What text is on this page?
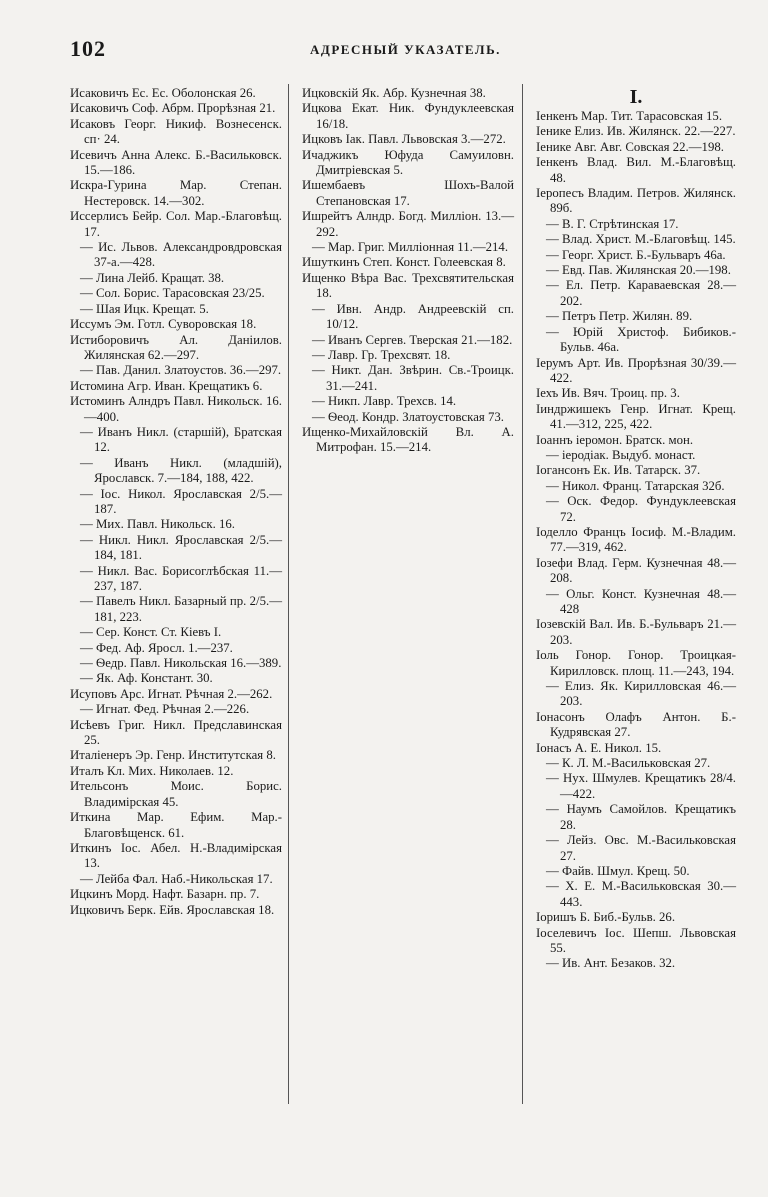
102	АДРЕСНЫЙ УКАЗАТЕЛЬ.

Исаковичъ Ес. Ес. Оболонская 26.

Исаковичъ Соф. Абрм. Прорѣзная 21.

Исаковъ Георг. Никиф. Вознесенск. сп· 24.

Исевичъ Анна Алекс. Б.-Васильковск. 15.—186.

Искра-Гурина Мар. Степан. Нестеровск. 14.—302.

Иссерлисъ Бейр. Сол. Мар.-Благовѣщ. 17.

— Ис. Львов. Александровдровская 37-а.—428.

— Лина Лейб. Кращат. 38.

— Сол. Борис. Тарасовская 23/25.

— Шая Ицк. Крещат. 5.

Иссумъ Эм. Готл. Суворовская 18.

Истиборовичъ Ал. Даніилов. Жилянская 62.—297.

— Пав. Данил. Златоустов. 36.—297.

Истомина Агр. Иван. Крещатикъ 6.

Истоминъ Алндръ Павл. Никольск. 16.—400.

— Иванъ Никл. (старшій), Братская 12.

— Иванъ Никл. (младшій), Ярославск. 7.—184, 188, 422.

— Іос. Никол. Ярославская 2/5.—187.

— Мих. Павл. Никольск. 16.

— Никл. Никл. Ярославская 2/5.—184, 181.

— Никл. Вас. Борисоглѣбская 11.—237, 187.

— Павелъ Никл. Базарный пр. 2/5.—181, 223.

— Сер. Конст. Ст. Кіевъ I.

— Фед. Аф. Яросл. 1.—237.

— Ѳедр. Павл. Никольская 16.—389.

— Як. Аф. Констант. 30.

Исуповъ Арс. Игнат. Рѣчная 2.—262.

— Игнат. Фед. Рѣчная 2.—226.

Исѣевъ Григ. Никл. Предславинская 25.

Италіенеръ Эр. Генр. Институтская 8.

Италъ Кл. Мих. Николаев. 12.

Ительсонъ Моис. Борис. Владимірская 45.

Иткина Мар. Ефим. Мар.-Благовѣщенск. 61.

Иткинъ Іос. Абел. Н.-Владимірская 13.

— Лейба Фал. Наб.-Никольская 17.

Ицкинъ Морд. Нафт. Базарн. пр. 7.

Ицковичъ Берк. Ейв. Ярославская 18.

Ицковскій Як. Абр. Кузнечная 38.

Ицкова Екат. Ник. Фундуклеевская 16/18.

Ицковъ Іак. Павл. Львовская 3.—272.

Ичаджикъ Юфуда Самуиловн. Дмитріевская 5.

Ишембаевъ Шохъ-Валой Степановская 17.

Ишрейтъ Алндр. Богд. Милліон. 13.—292.

— Мар. Григ. Милліонная 11.—214.

Ишуткинъ Степ. Конст. Голеевская 8.

Ищенко Вѣра Вас. Трехсвятительская 18.

— Ивн. Андр. Андреевскій сп. 10/12.

— Иванъ Сергев. Тверская 21.—182.

— Лавр. Гр. Трехсвят. 18.

— Никт. Дан. Звѣрин. Св.-Троицк. 31.—241.

— Никп. Лавр. Трехсв. 14.

— Ѳеод. Кондр. Златоустовская 73.

Ищенко-Михайловскій Вл. А. Митрофан. 15.—214.

I.

Іенкенъ Мар. Тит. Тарасовская 15.

Іенике Елиз. Ив. Жилянск. 22.—227.

Іенике Авг. Авг. Совская 22.—198.

Іенкенъ Влад. Вил. М.-Благовѣщ. 48.

Іеропесъ Владим. Петров. Жилянск. 89б.

— В. Г. Стрѣтинская 17.

— Влад. Христ. М.-Благовѣщ. 145.

— Георг. Христ. Б.-Бульваръ 46а.

— Евд. Пав. Жилянская 20.—198.

— Ел. Петр. Караваевская 28.—202.

— Петръ Петр. Жилян. 89.

— Юрій Христоф. Бибиков.-Бульв. 46а.

Іерумъ Арт. Ив. Прорѣзная 30/39.—422.

Іехъ Ив. Вяч. Троиц. пр. 3.

Іиндржишекъ Генр. Игнат. Крещ. 41.—312, 225, 422.

Іоаннъ іеромон. Братск. мон.

— іеродіак. Выдуб. монаст.

Іогансонъ Ек. Ив. Татарск. 37.

— Никол. Франц. Татарская 32б.

— Оск. Федор. Фундуклеевская 72.

Іоделло Францъ Іосиф. М.-Владим. 77.—319, 462.

Іозефи Влад. Герм. Кузнечная 48.—208.

— Ольг. Конст. Кузнечная 48.—428

Іозевскій Вал. Ив. Б.-Бульваръ 21.—203.

Іоль Гонор. Гонор. Троицкая-Кирилловск. площ. 11.—243, 194.

— Елиз. Як. Кирилловская 46.—203.

Іонасонъ Олафъ Антон. Б.-Кудрявская 27.

Іонасъ А. Е. Никол. 15.

— К. Л. М.-Васильковская 27.

— Нух. Шмулев. Крещатикъ 28/4.—422.

— Наумъ Самойлов. Крещатикъ 28.

— Лейз. Овс. М.-Васильковская 27.

— Файв. Шмул. Крещ. 50.

— Х. Е. М.-Васильковская 30.—443.

Іоришъ Б. Биб.-Бульв. 26.

Іоселевичъ Іос. Шепш. Львовская 55.

— Ив. Ант. Безаков. 32.
